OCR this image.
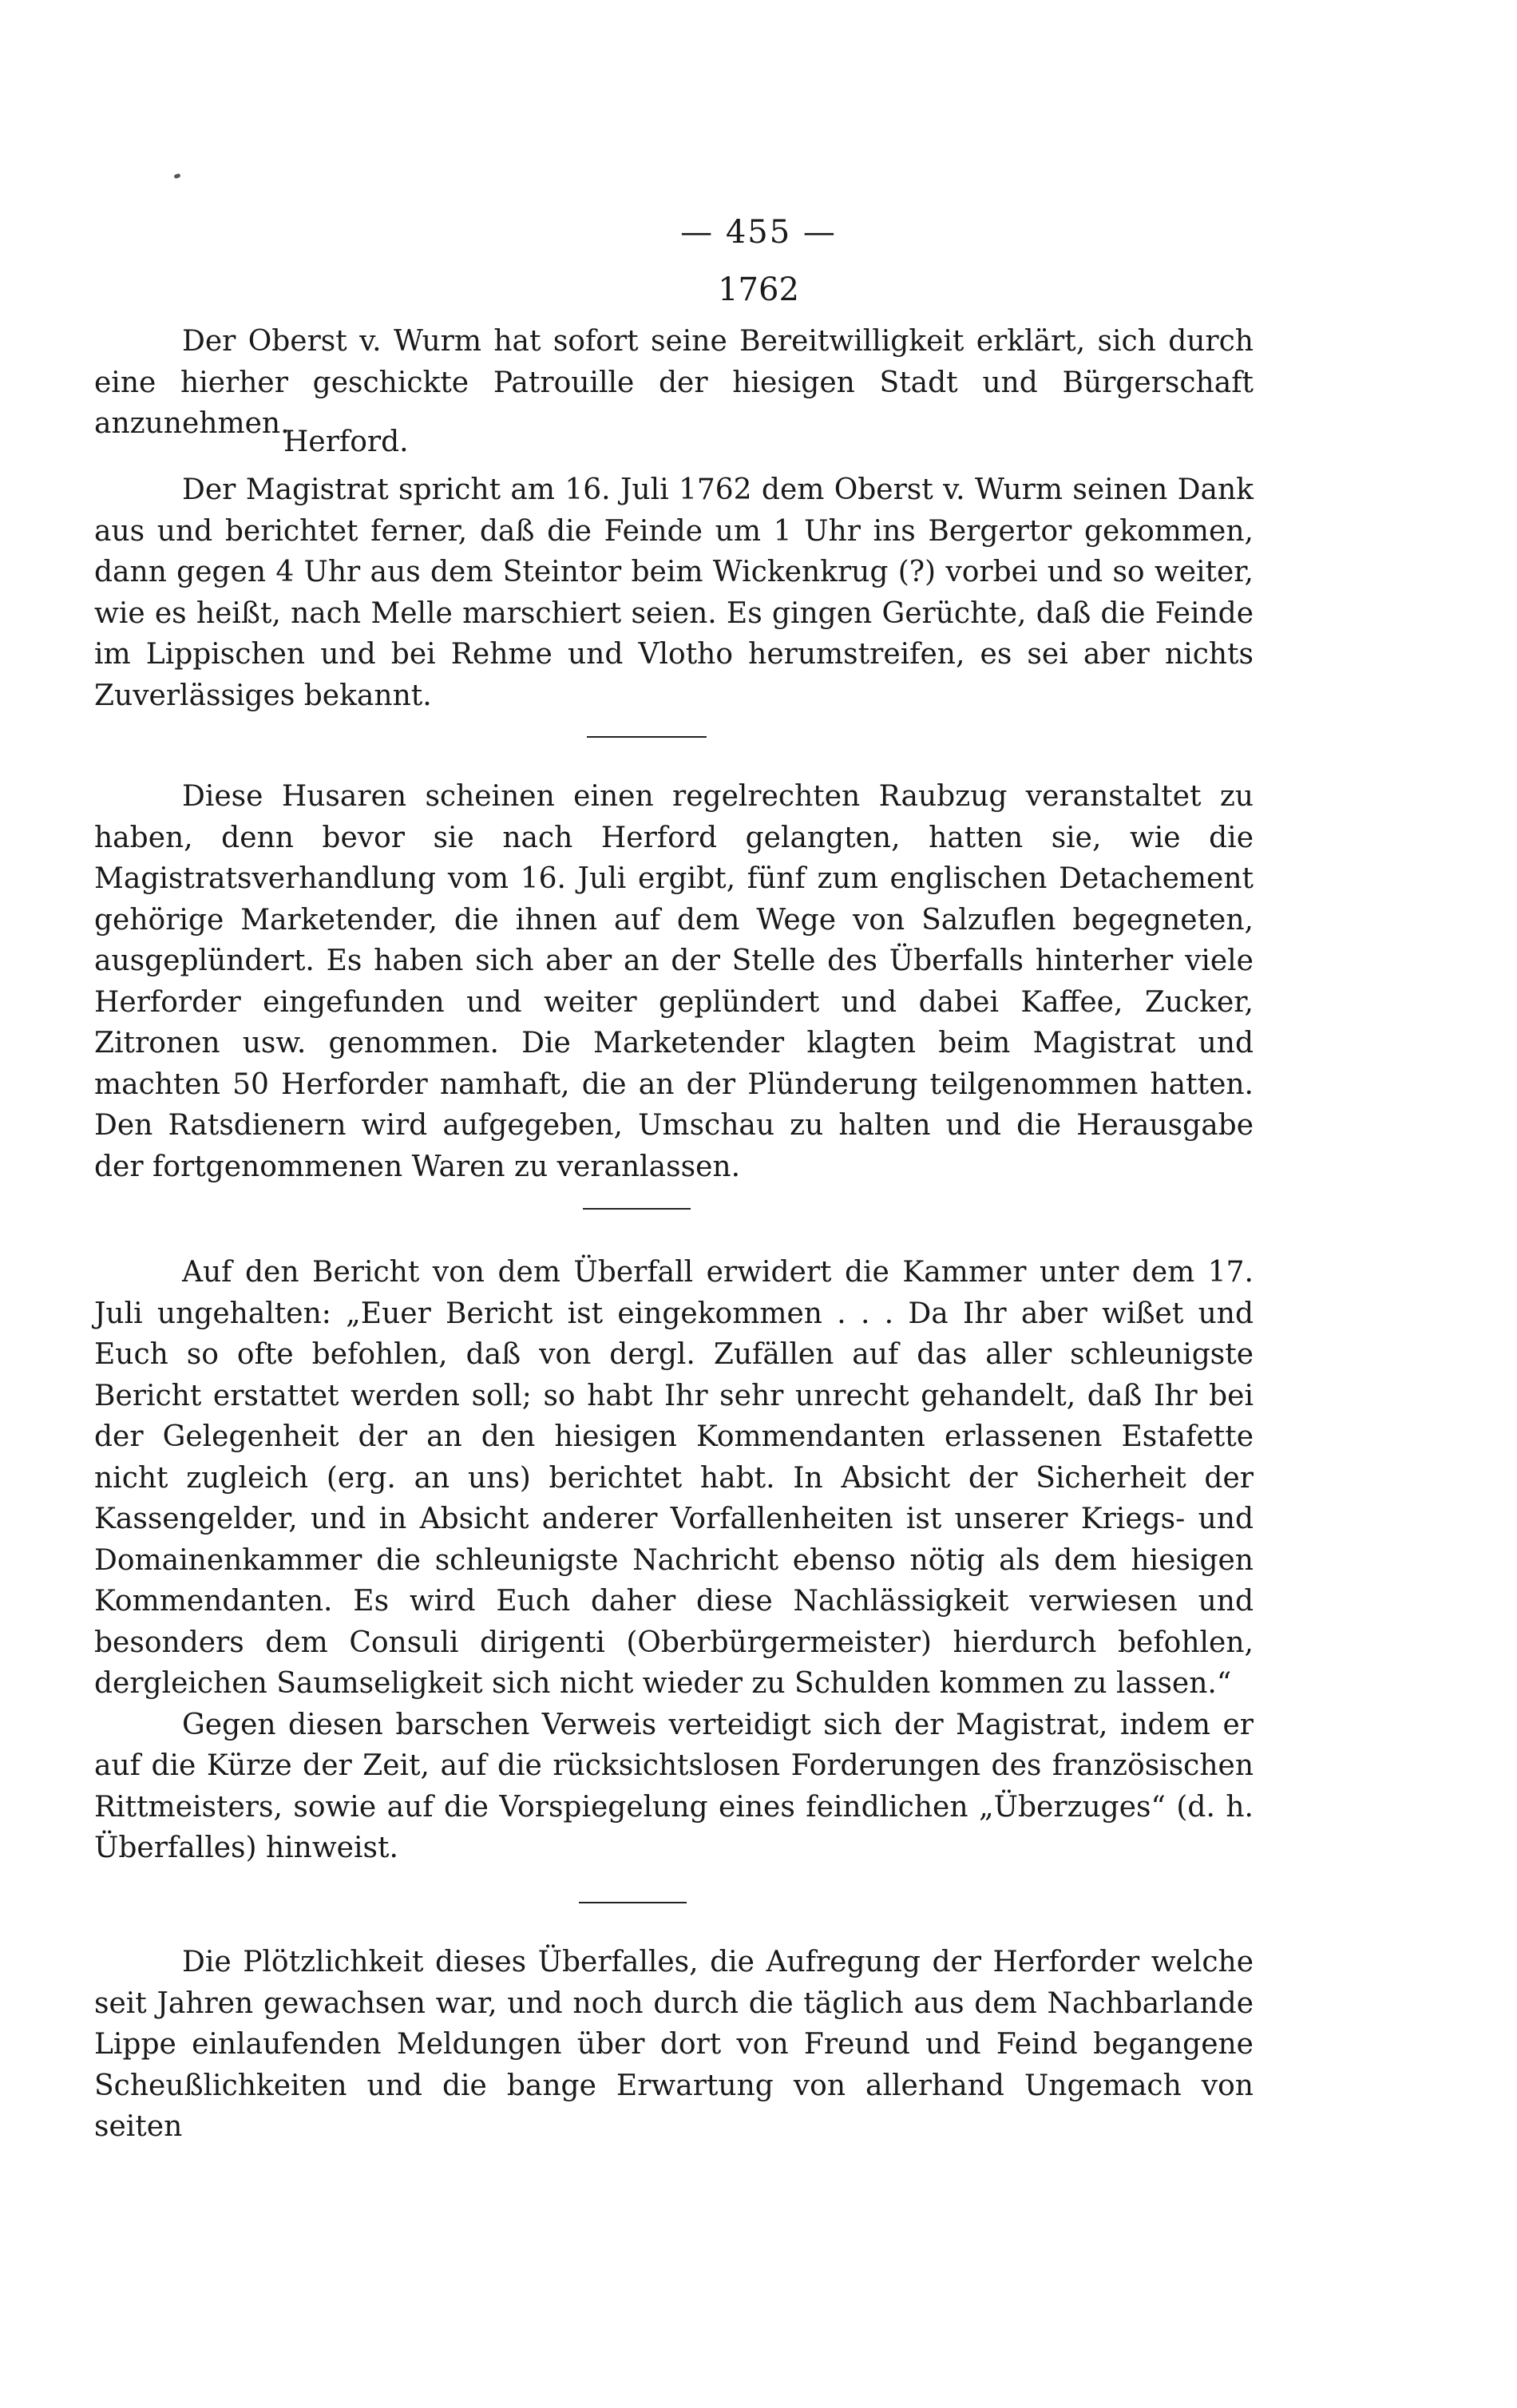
— 455 —
1762

Der Oberst v. Wurm hat sofort seine Bereitwilligkeit erklärt, sich durch eine hierher geschickte Patrouille der hiesigen Stadt und Bürgerschaft anzunehmen.

Herford.

Der Magistrat spricht am 16. Juli 1762 dem Oberst v. Wurm seinen Dank aus und berichtet ferner, daß die Feinde um 1 Uhr ins Bergertor gekommen, dann gegen 4 Uhr aus dem Steintor beim Wickenkrug (?) vorbei und so weiter, wie es heißt, nach Melle marschiert seien. Es gingen Gerüchte, daß die Feinde im Lippischen und bei Rehme und Vlotho herumstreifen, es sei aber nichts Zuverlässiges bekannt.

Diese Husaren scheinen einen regelrechten Raubzug veranstaltet zu haben, denn bevor sie nach Herford gelangten, hatten sie, wie die Magistratsverhandlung vom 16. Juli ergibt, fünf zum englischen Detachement gehörige Marketender, die ihnen auf dem Wege von Salzuflen begegneten, ausgeplündert. Es haben sich aber an der Stelle des Überfalls hinterher viele Herforder eingefunden und weiter geplündert und dabei Kaffee, Zucker, Zitronen usw. genommen. Die Marketender klagten beim Magistrat und machten 50 Herforder namhaft, die an der Plünderung teilgenommen hatten. Den Ratsdienern wird aufgegeben, Umschau zu halten und die Herausgabe der fortgenommenen Waren zu veranlassen.

Auf den Bericht von dem Überfall erwidert die Kammer unter dem 17. Juli ungehalten: „Euer Bericht ist eingekommen . . . Da Ihr aber wißet und Euch so ofte befohlen, daß von dergl. Zufällen auf das aller schleunigste Bericht erstattet werden soll; so habt Ihr sehr unrecht gehandelt, daß Ihr bei der Gelegenheit der an den hiesigen Kommendanten erlassenen Estafette nicht zugleich (erg. an uns) berichtet habt. In Absicht der Sicherheit der Kassengelder, und in Absicht anderer Vorfallenheiten ist unserer Kriegs- und Domainenkammer die schleunigste Nachricht ebenso nötig als dem hiesigen Kommendanten. Es wird Euch daher diese Nachlässigkeit verwiesen und besonders dem Consuli dirigenti (Oberbürgermeister) hierdurch befohlen, dergleichen Saumseligkeit sich nicht wieder zu Schulden kommen zu lassen.“

Gegen diesen barschen Verweis verteidigt sich der Magistrat, indem er auf die Kürze der Zeit, auf die rücksichtslosen Forderungen des französischen Rittmeisters, sowie auf die Vorspiegelung eines feindlichen „Überzuges“ (d. h. Überfalles) hinweist.

Die Plötzlichkeit dieses Überfalles, die Aufregung der Herforder welche seit Jahren gewachsen war, und noch durch die täglich aus dem Nachbarlande Lippe einlaufenden Meldungen über dort von Freund und Feind begangene Scheußlichkeiten und die bange Erwartung von allerhand Ungemach von seiten
